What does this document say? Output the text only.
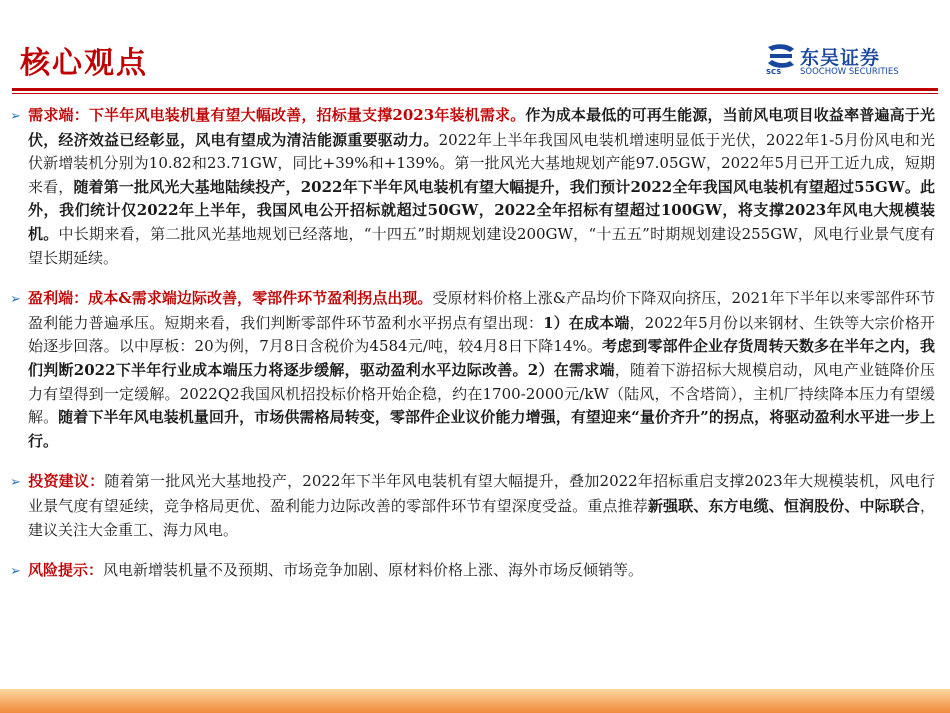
核心观点	SCS
东吴证券
SOOCHOW SECURITIES

➢ 需求端：下半年风电装机量有望大幅改善，招标量支撑2023年装机需求。作为成本最低的可再生能源，当前风电项目收益率普遍高于光伏，经济效益已经彰显，风电有望成为清洁能源重要驱动力。2022年上半年我国风电装机增速明显低于光伏，2022年1-5月份风电和光伏新增装机分别为10.82和23.71GW，同比+39%和+139%。第一批风光大基地规划产能97.05GW，2022年5月已开工近九成，短期来看，随着第一批风光大基地陆续投产，2022年下半年风电装机有望大幅提升，我们预计2022全年我国风电装机有望超过55GW。此外，我们统计仅2022年上半年，我国风电公开招标就超过50GW，2022全年招标有望超过100GW，将支撑2023年风电大规模装机。中长期来看，第二批风光基地规划已经落地，“十四五”时期规划建设200GW，“十五五”时期规划建设255GW，风电行业景气度有望长期延续。

➢ 盈利端：成本&需求端边际改善，零部件环节盈利拐点出现。受原材料价格上涨&产品均价下降双向挤压，2021年下半年以来零部件环节盈利能力普遍承压。短期来看，我们判断零部件环节盈利水平拐点有望出现：1）在成本端，2022年5月份以来钢材、生铁等大宗价格开始逐步回落。以中厚板：20为例，7月8日含税价为4584元/吨，较4月8日下降14%。考虑到零部件企业存货周转天数多在半年之内，我们判断2022下半年行业成本端压力将逐步缓解，驱动盈利水平边际改善。2）在需求端，随着下游招标大规模启动，风电产业链降价压力有望得到一定缓解。2022Q2我国风机招投标价格开始企稳，约在1700-2000元/kW（陆风，不含塔筒），主机厂持续降本压力有望缓解。随着下半年风电装机量回升，市场供需格局转变，零部件企业议价能力增强，有望迎来“量价齐升”的拐点，将驱动盈利水平进一步上行。

➢ 投资建议：随着第一批风光大基地投产，2022年下半年风电装机有望大幅提升，叠加2022年招标重启支撑2023年大规模装机，风电行业景气度有望延续，竞争格局更优、盈利能力边际改善的零部件环节有望深度受益。重点推荐新强联、东方电缆、恒润股份、中际联合，建议关注大金重工、海力风电。

➢ 风险提示：风电新增装机量不及预期、市场竞争加剧、原材料价格上涨、海外市场反倾销等。
